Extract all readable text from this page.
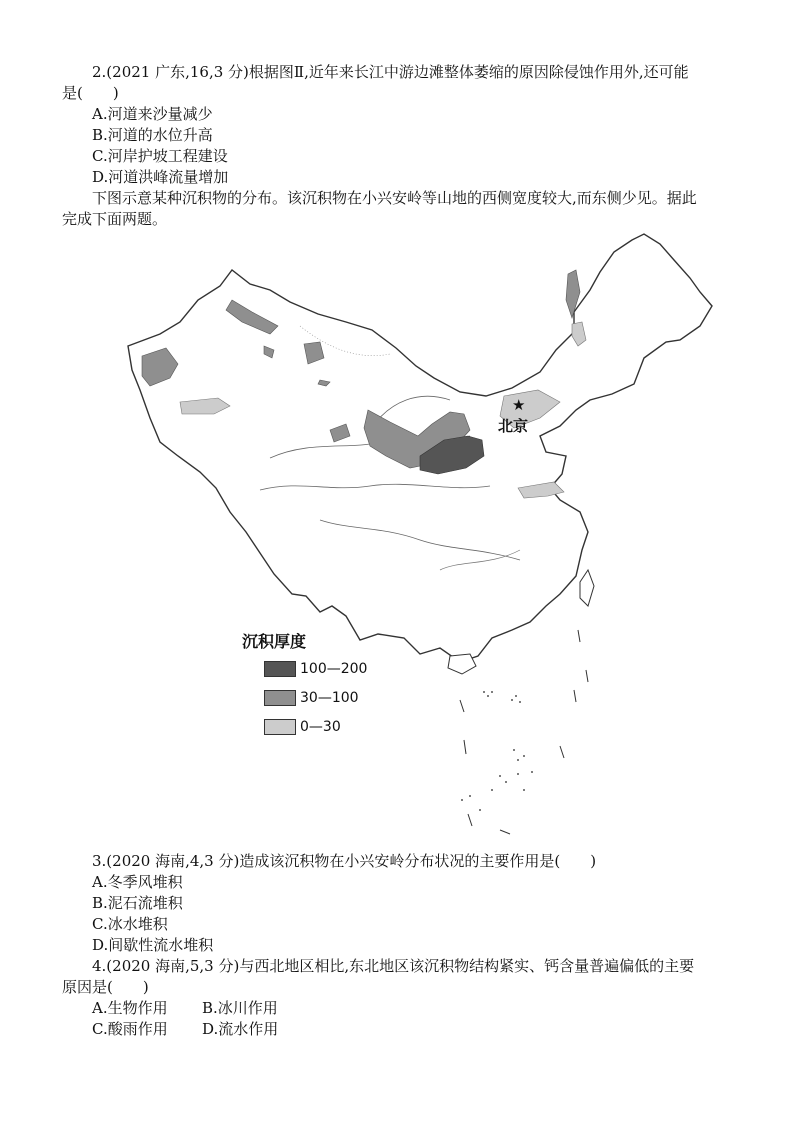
2.(2021 广东,16,3 分)根据图Ⅱ,近年来长江中游边滩整体萎缩的原因除侵蚀作用外,还可能
是(　　)
A.河道来沙量减少
B.河道的水位升高
C.河岸护坡工程建设
D.河道洪峰流量增加
下图示意某种沉积物的分布。该沉积物在小兴安岭等山地的西侧宽度较大,而东侧少见。据此
完成下面两题。
★
北京
沉积厚度
100—200
30—100
0—30
3.(2020 海南,4,3 分)造成该沉积物在小兴安岭分布状况的主要作用是(　　)
A.冬季风堆积
B.泥石流堆积
C.冰水堆积
D.间歇性流水堆积
4.(2020 海南,5,3 分)与西北地区相比,东北地区该沉积物结构紧实、钙含量普遍偏低的主要
原因是(　　)
A.生物作用 B.冰川作用
C.酸雨作用 D.流水作用
